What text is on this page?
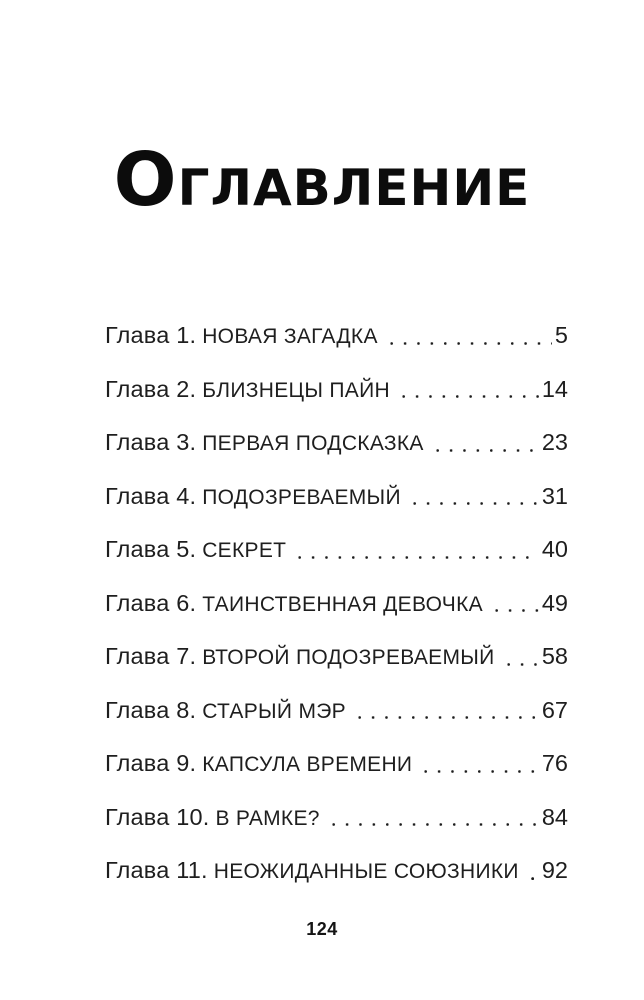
ОГЛАВЛЕНИЕ
Глава 1. НОВАЯ ЗАГАДКА	5
Глава 2. БЛИЗНЕЦЫ ПАЙН	14
Глава 3. ПЕРВАЯ ПОДСКАЗКА	23
Глава 4. ПОДОЗРЕВАЕМЫЙ	31
Глава 5. СЕКРЕТ	40
Глава 6. ТАИНСТВЕННАЯ ДЕВОЧКА	49
Глава 7. ВТОРОЙ ПОДОЗРЕВАЕМЫЙ 58
Глава 8. СТАРЫЙ МЭР	67
Глава 9. КАПСУЛА ВРЕМЕНИ	76
Глава 10. В РАМКЕ?	84
Глава 11. НЕОЖИДАННЫЕ СОЮЗНИКИ 92
124
